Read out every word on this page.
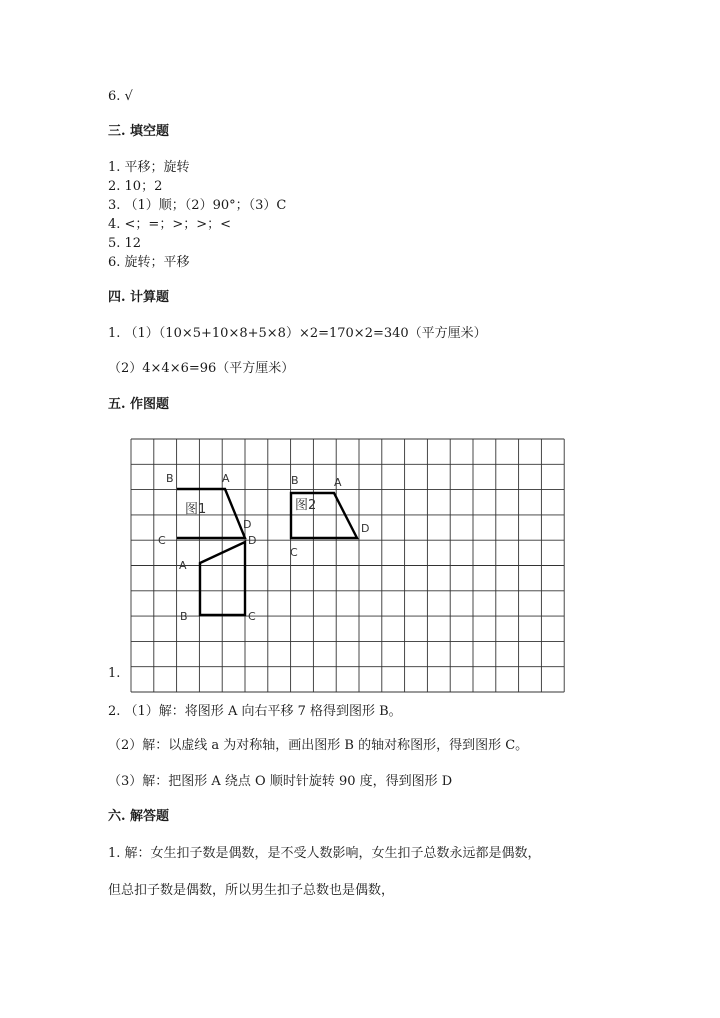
6. √
三. 填空题
1. 平移；旋转
2. 10；2
3. （1）顺；（2）90°；（3）C
4. <；=；>；>；<
5. 12
6. 旋转；平移
四. 计算题
1. （1）（10×5+10×8+5×8）×2=170×2=340（平方厘米）
（2）4×4×6=96（平方厘米）
五. 作图题
图1	图2
B	A
C
D
D
A
B	C
B	A
D
C
1.
2. （1）解：将图形 A 向右平移 7 格得到图形 B。
（2）解：以虚线 a 为对称轴，画出图形 B 的轴对称图形，得到图形 C。
（3）解：把图形 A 绕点 O 顺时针旋转 90 度，得到图形 D
六. 解答题
1. 解：女生扣子数是偶数，是不受人数影响，女生扣子总数永远都是偶数，
但总扣子数是偶数，所以男生扣子总数也是偶数，
